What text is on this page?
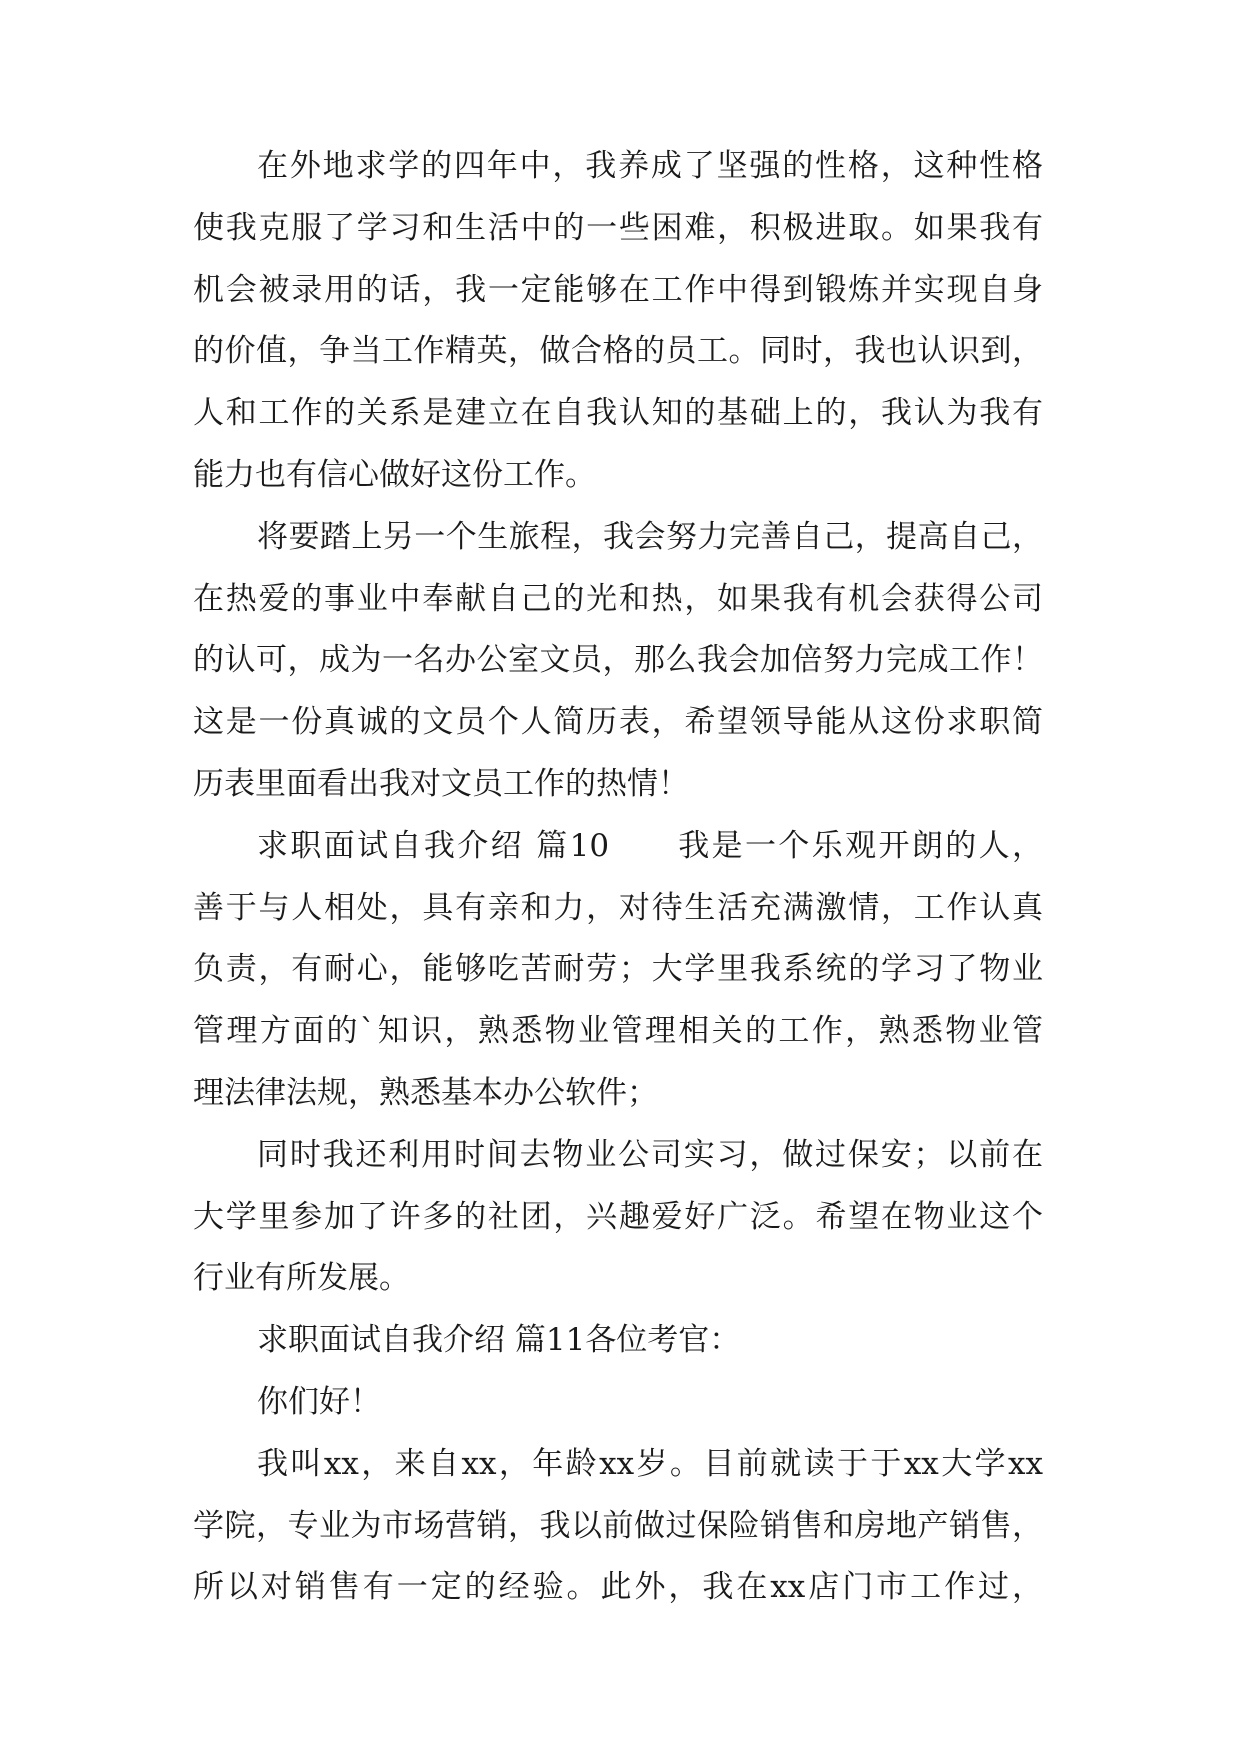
在外地求学的四年中，我养成了坚强的性格，这种性格
使我克服了学习和生活中的一些困难，积极进取。如果我有
机会被录用的话，我一定能够在工作中得到锻炼并实现自身
的价值，争当工作精英，做合格的员工。同时，我也认识到，
人和工作的关系是建立在自我认知的基础上的，我认为我有
能力也有信心做好这份工作。
将要踏上另一个生旅程，我会努力完善自己，提高自己，
在热爱的事业中奉献自己的光和热，如果我有机会获得公司
的认可，成为一名办公室文员，那么我会加倍努力完成工作！
这是一份真诚的文员个人简历表，希望领导能从这份求职简
历表里面看出我对文员工作的热情！
求职面试自我介绍 篇10　　我是一个乐观开朗的人，
善于与人相处，具有亲和力，对待生活充满激情，工作认真
负责，有耐心，能够吃苦耐劳；大学里我系统的学习了物业
管理方面的`知识，熟悉物业管理相关的工作，熟悉物业管
理法律法规，熟悉基本办公软件；
同时我还利用时间去物业公司实习，做过保安；以前在
大学里参加了许多的社团，兴趣爱好广泛。希望在物业这个
行业有所发展。
求职面试自我介绍 篇11各位考官：
你们好！
我叫xx，来自xx，年龄xx岁。目前就读于于xx大学xx
学院，专业为市场营销，我以前做过保险销售和房地产销售，
所以对销售有一定的经验。此外，我在xx店门市工作过，
